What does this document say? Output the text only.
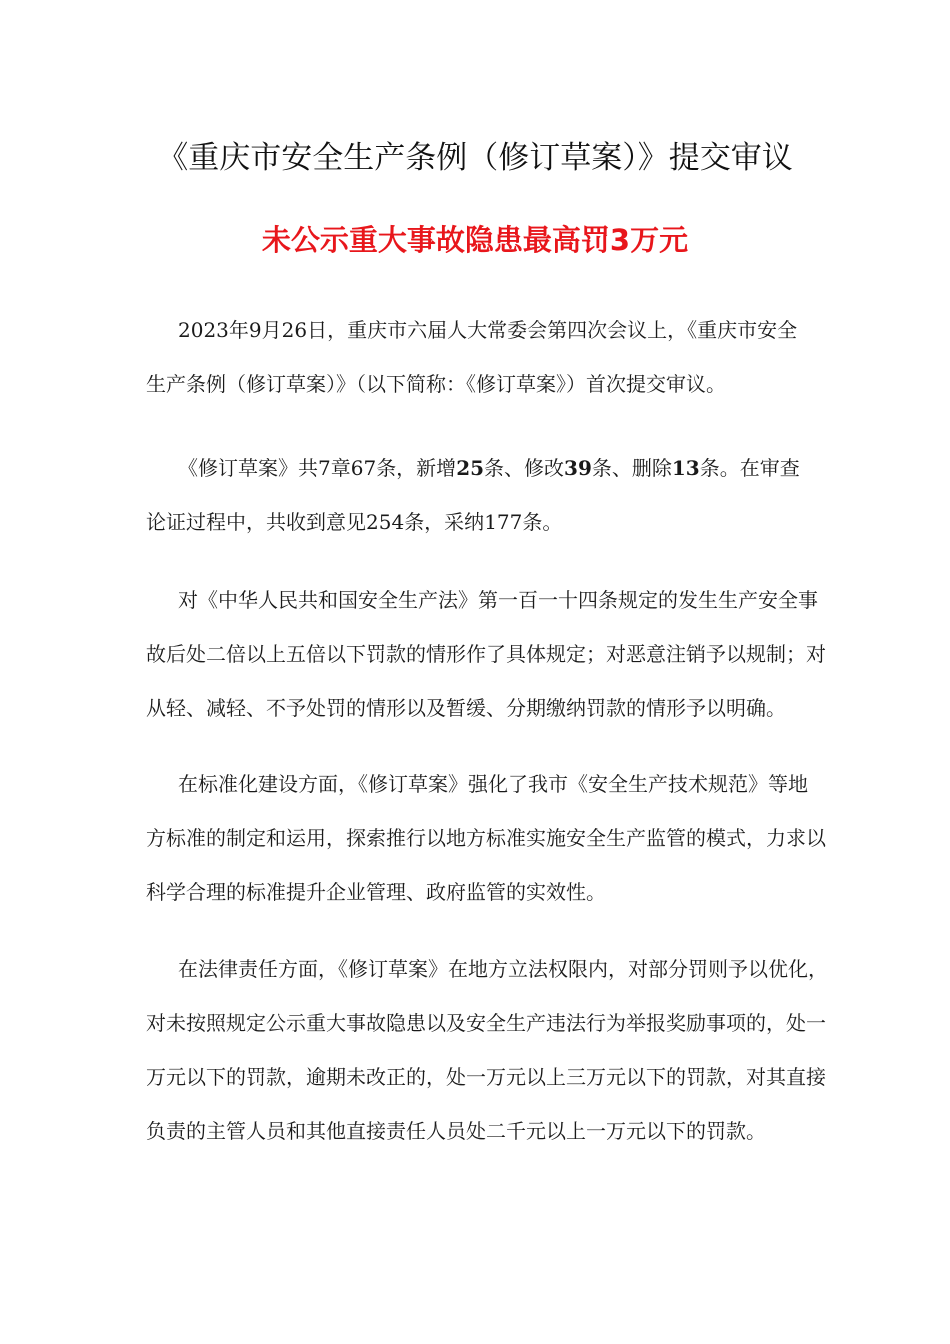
《重庆市安全生产条例（修订草案）》提交审议
未公示重大事故隐患最高罚3万元
2023年9月26日，重庆市六届人大常委会第四次会议上，《重庆市安全
生产条例（修订草案）》（以下简称：《修订草案》）首次提交审议。
《修订草案》共7章67条，新增25条、修改39条、删除13条。在审查
论证过程中，共收到意见254条，采纳177条。
对《中华人民共和国安全生产法》第一百一十四条规定的发生生产安全事
故后处二倍以上五倍以下罚款的情形作了具体规定；对恶意注销予以规制；对
从轻、减轻、不予处罚的情形以及暂缓、分期缴纳罚款的情形予以明确。
在标准化建设方面，《修订草案》强化了我市《安全生产技术规范》等地
方标准的制定和运用，探索推行以地方标准实施安全生产监管的模式，力求以
科学合理的标准提升企业管理、政府监管的实效性。
在法律责任方面，《修订草案》在地方立法权限内，对部分罚则予以优化，
对未按照规定公示重大事故隐患以及安全生产违法行为举报奖励事项的，处一
万元以下的罚款，逾期未改正的，处一万元以上三万元以下的罚款，对其直接
负责的主管人员和其他直接责任人员处二千元以上一万元以下的罚款。
